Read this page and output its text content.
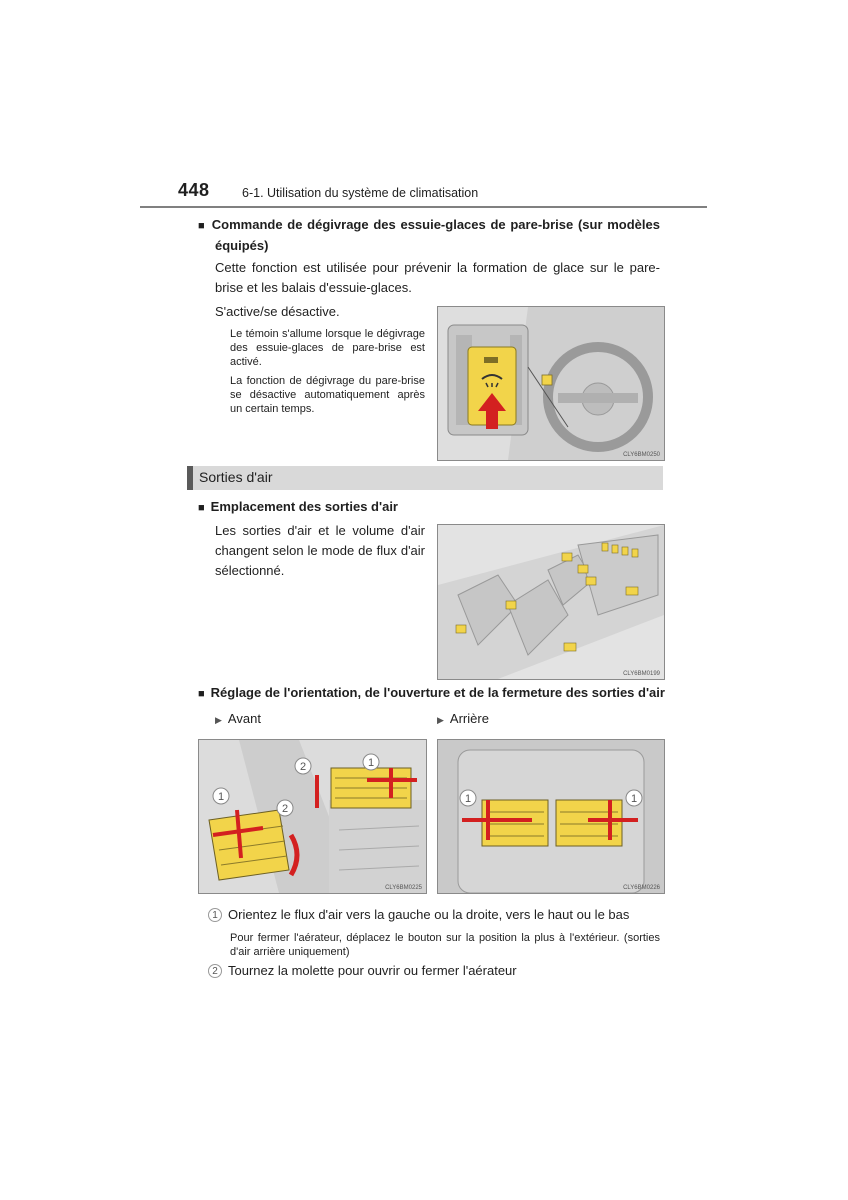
448	6-1. Utilisation du système de climatisation
■ Commande de dégivrage des essuie-glaces de pare-brise (sur modèles équipés)
Cette fonction est utilisée pour prévenir la formation de glace sur le pare-brise et les balais d'essuie-glaces.
S'active/se désactive.
Le témoin s'allume lorsque le dégivrage des essuie-glaces de pare-brise est activé.
La fonction de dégivrage du pare-brise se désactive automatiquement après un certain temps.
CLY6BM0250
Sorties d'air
■ Emplacement des sorties d'air
Les sorties d'air et le volume d'air changent selon le mode de flux d'air sélectionné.
CLY6BM0199
■ Réglage de l'orientation, de l'ouverture et de la fermeture des sorties d'air
▶ Avant	▶ Arrière
1
2
2	1
CLY6BM0225
1	1
CLY6BM0226
1 Orientez le flux d'air vers la gauche ou la droite, vers le haut ou le bas
Pour fermer l'aérateur, déplacez le bouton sur la position la plus à l'extérieur. (sorties d'air arrière uniquement)
2 Tournez la molette pour ouvrir ou fermer l'aérateur
